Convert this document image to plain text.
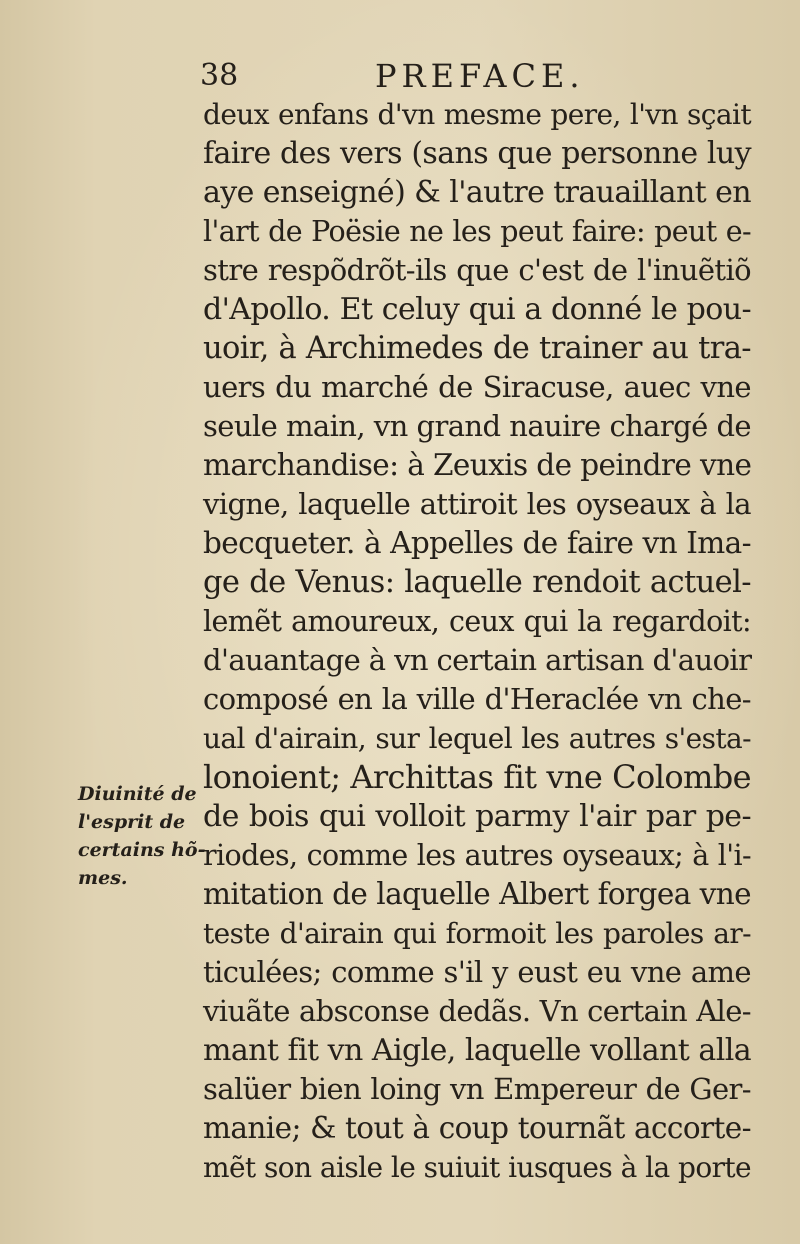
38	PREFACE.
Diuinité de
l'esprit de
certains hõ-
mes.
deux enfans d'vn mesme pere, l'vn sçait
faire des vers (sans que personne luy
aye enseigné) & l'autre trauaillant en
l'art de Poësie ne les peut faire: peut e-
stre respõdrõt-ils que c'est de l'inuẽtiõ
d'Apollo. Et celuy qui a donné le pou-
uoir, à Archimedes de trainer au tra-
uers du marché de Siracuse, auec vne
seule main, vn grand nauire chargé de
marchandise: à Zeuxis de peindre vne
vigne, laquelle attiroit les oyseaux à la
becqueter. à Appelles de faire vn Ima-
ge de Venus: laquelle rendoit actuel-
lemẽt amoureux, ceux qui la regardoit:
d'auantage à vn certain artisan d'auoir
composé en la ville d'Heraclée vn che-
ual d'airain, sur lequel les autres s'esta-
lonoient; Archittas fit vne Colombe
de bois qui volloit parmy l'air par pe-
riodes, comme les autres oyseaux; à l'i-
mitation de laquelle Albert forgea vne
teste d'airain qui formoit les paroles ar-
ticulées; comme s'il y eust eu vne ame
viuãte absconse dedãs. Vn certain Ale-
mant fit vn Aigle, laquelle vollant alla
salüer bien loing vn Empereur de Ger-
manie; & tout à coup tournãt accorte-
mẽt son aisle le suiuit iusques à la porte
